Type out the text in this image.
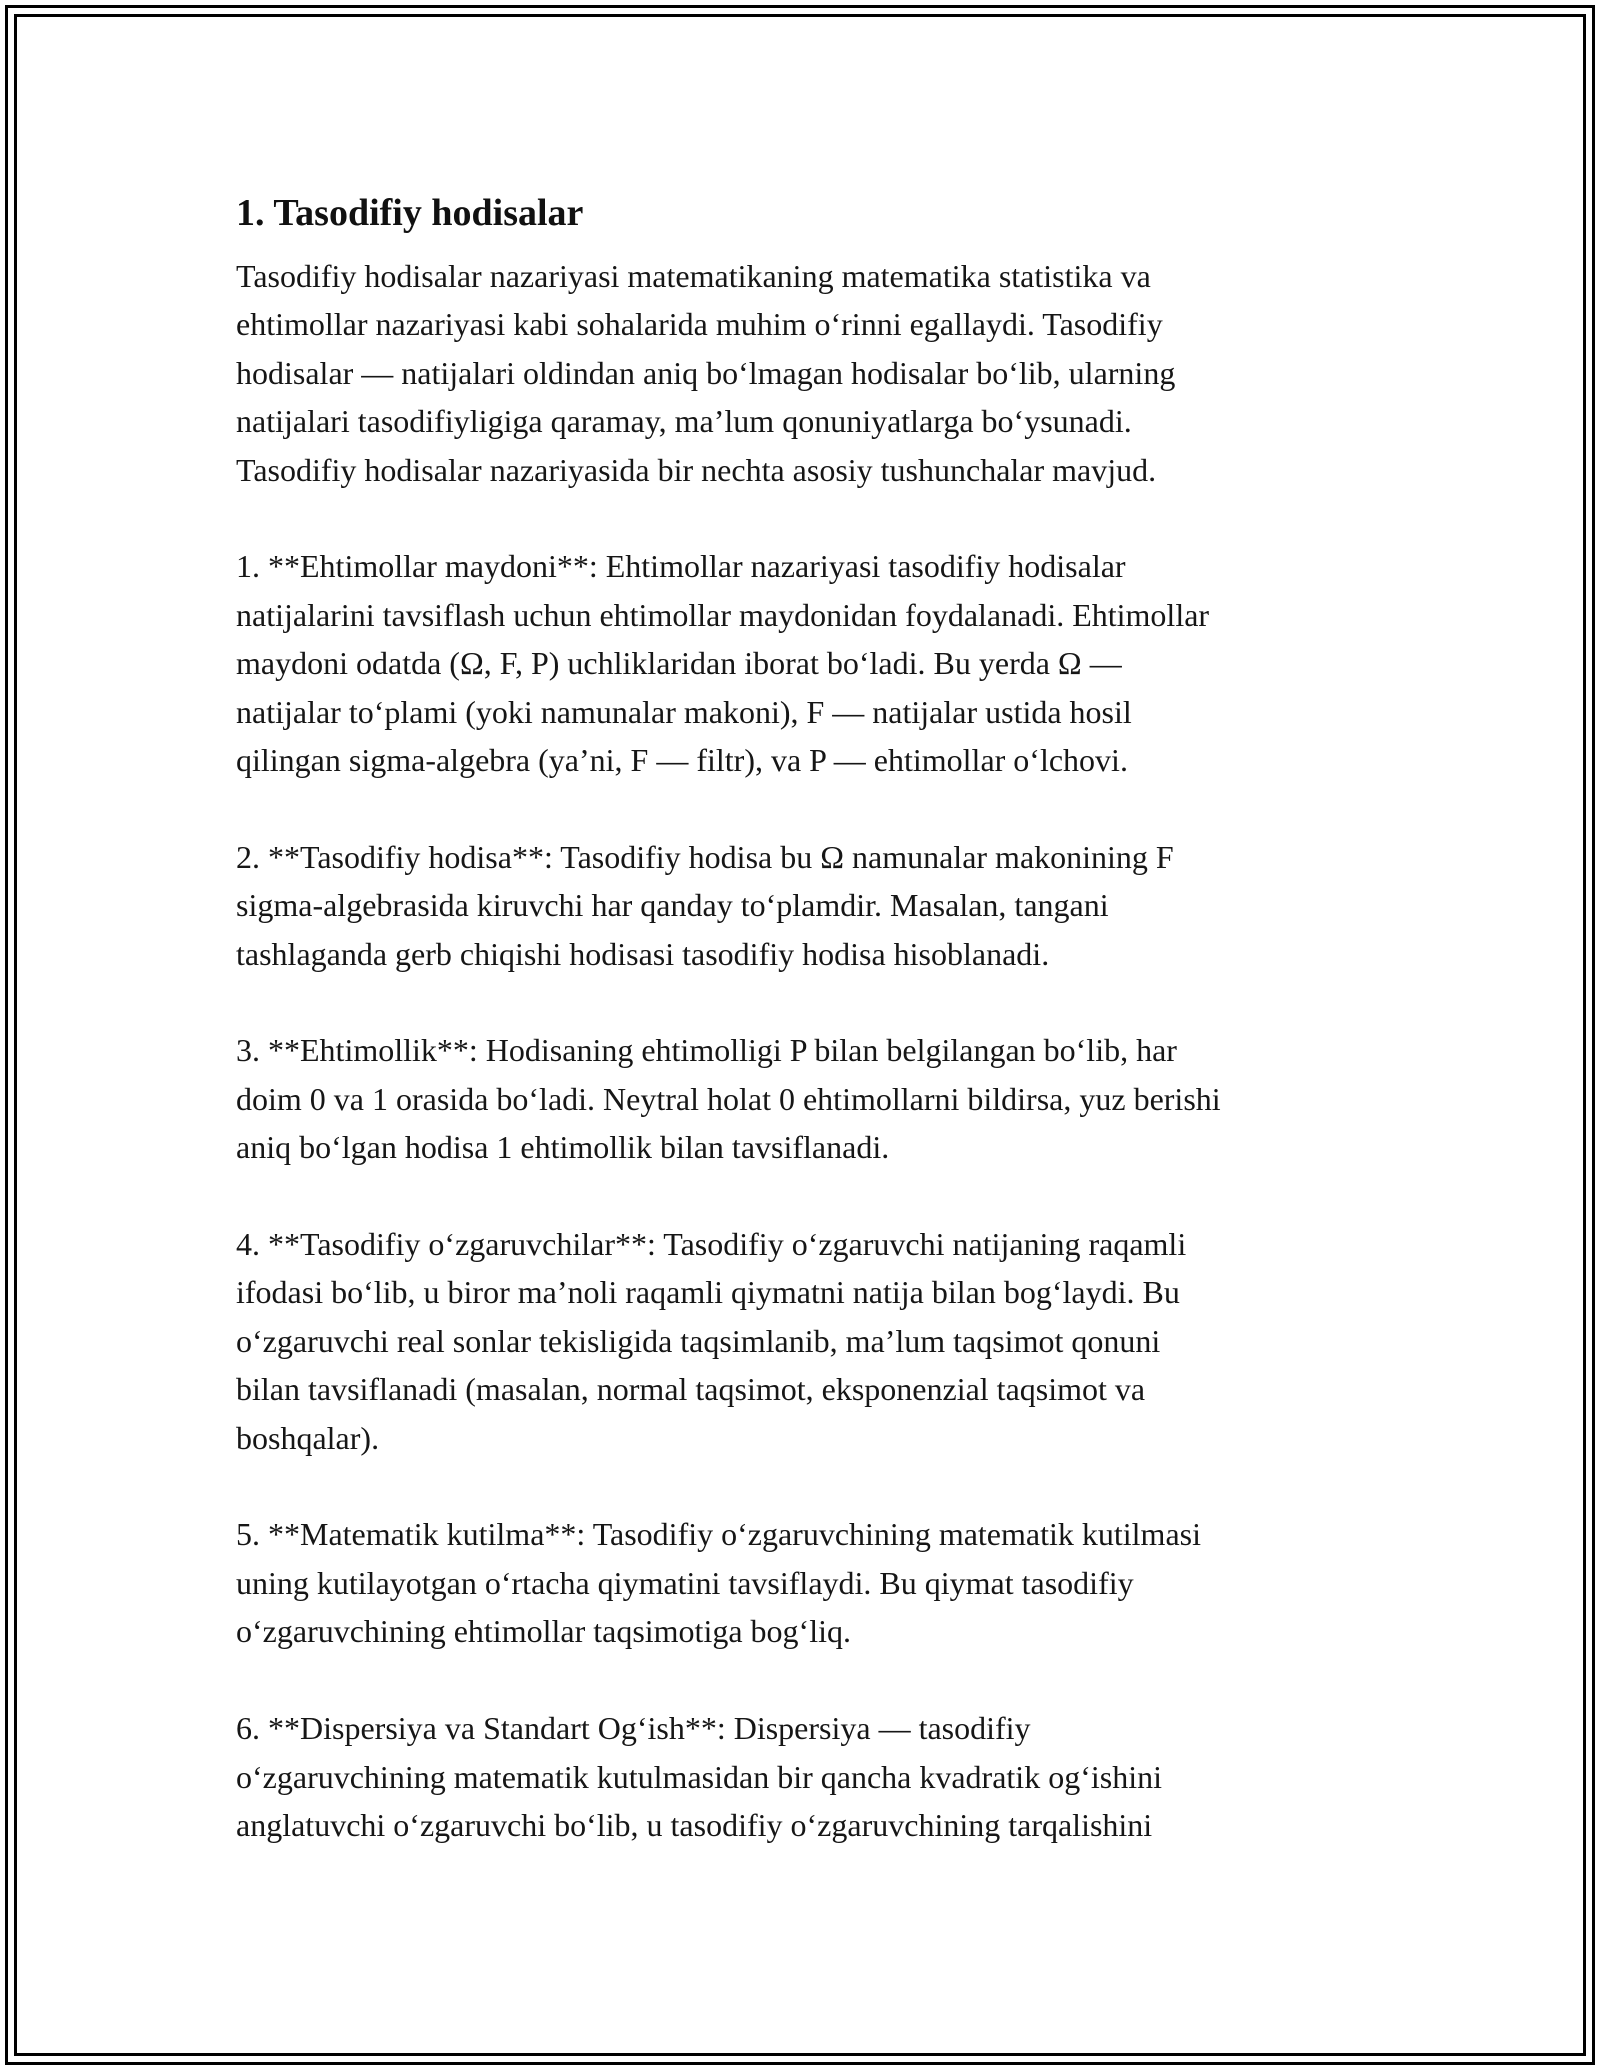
1. Tasodifiy hodisalar

Tasodifiy hodisalar nazariyasi matematikaning matematika statistika va
ehtimollar nazariyasi kabi sohalarida muhim o‘rinni egallaydi. Tasodifiy
hodisalar — natijalari oldindan aniq bo‘lmagan hodisalar bo‘lib, ularning
natijalari tasodifiyligiga qaramay, ma’lum qonuniyatlarga bo‘ysunadi.
Tasodifiy hodisalar nazariyasida bir nechta asosiy tushunchalar mavjud.

1. **Ehtimollar maydoni**: Ehtimollar nazariyasi tasodifiy hodisalar
natijalarini tavsiflash uchun ehtimollar maydonidan foydalanadi. Ehtimollar
maydoni odatda (Ω, F, P) uchliklaridan iborat bo‘ladi. Bu yerda Ω —
natijalar to‘plami (yoki namunalar makoni), F — natijalar ustida hosil
qilingan sigma-algebra (ya’ni, F — filtr), va P — ehtimollar o‘lchovi.

2. **Tasodifiy hodisa**: Tasodifiy hodisa bu Ω namunalar makonining F
sigma-algebrasida kiruvchi har qanday to‘plamdir. Masalan, tangani
tashlaganda gerb chiqishi hodisasi tasodifiy hodisa hisoblanadi.

3. **Ehtimollik**: Hodisaning ehtimolligi P bilan belgilangan bo‘lib, har
doim 0 va 1 orasida bo‘ladi. Neytral holat 0 ehtimollarni bildirsa, yuz berishi
aniq bo‘lgan hodisa 1 ehtimollik bilan tavsiflanadi.

4. **Tasodifiy o‘zgaruvchilar**: Tasodifiy o‘zgaruvchi natijaning raqamli
ifodasi bo‘lib, u biror ma’noli raqamli qiymatni natija bilan bog‘laydi. Bu
o‘zgaruvchi real sonlar tekisligida taqsimlanib, ma’lum taqsimot qonuni
bilan tavsiflanadi (masalan, normal taqsimot, eksponenzial taqsimot va
boshqalar).

5. **Matematik kutilma**: Tasodifiy o‘zgaruvchining matematik kutilmasi
uning kutilayotgan o‘rtacha qiymatini tavsiflaydi. Bu qiymat tasodifiy
o‘zgaruvchining ehtimollar taqsimotiga bog‘liq.

6. **Dispersiya va Standart Og‘ish**: Dispersiya — tasodifiy
o‘zgaruvchining matematik kutulmasidan bir qancha kvadratik og‘ishini
anglatuvchi o‘zgaruvchi bo‘lib, u tasodifiy o‘zgaruvchining tarqalishini
